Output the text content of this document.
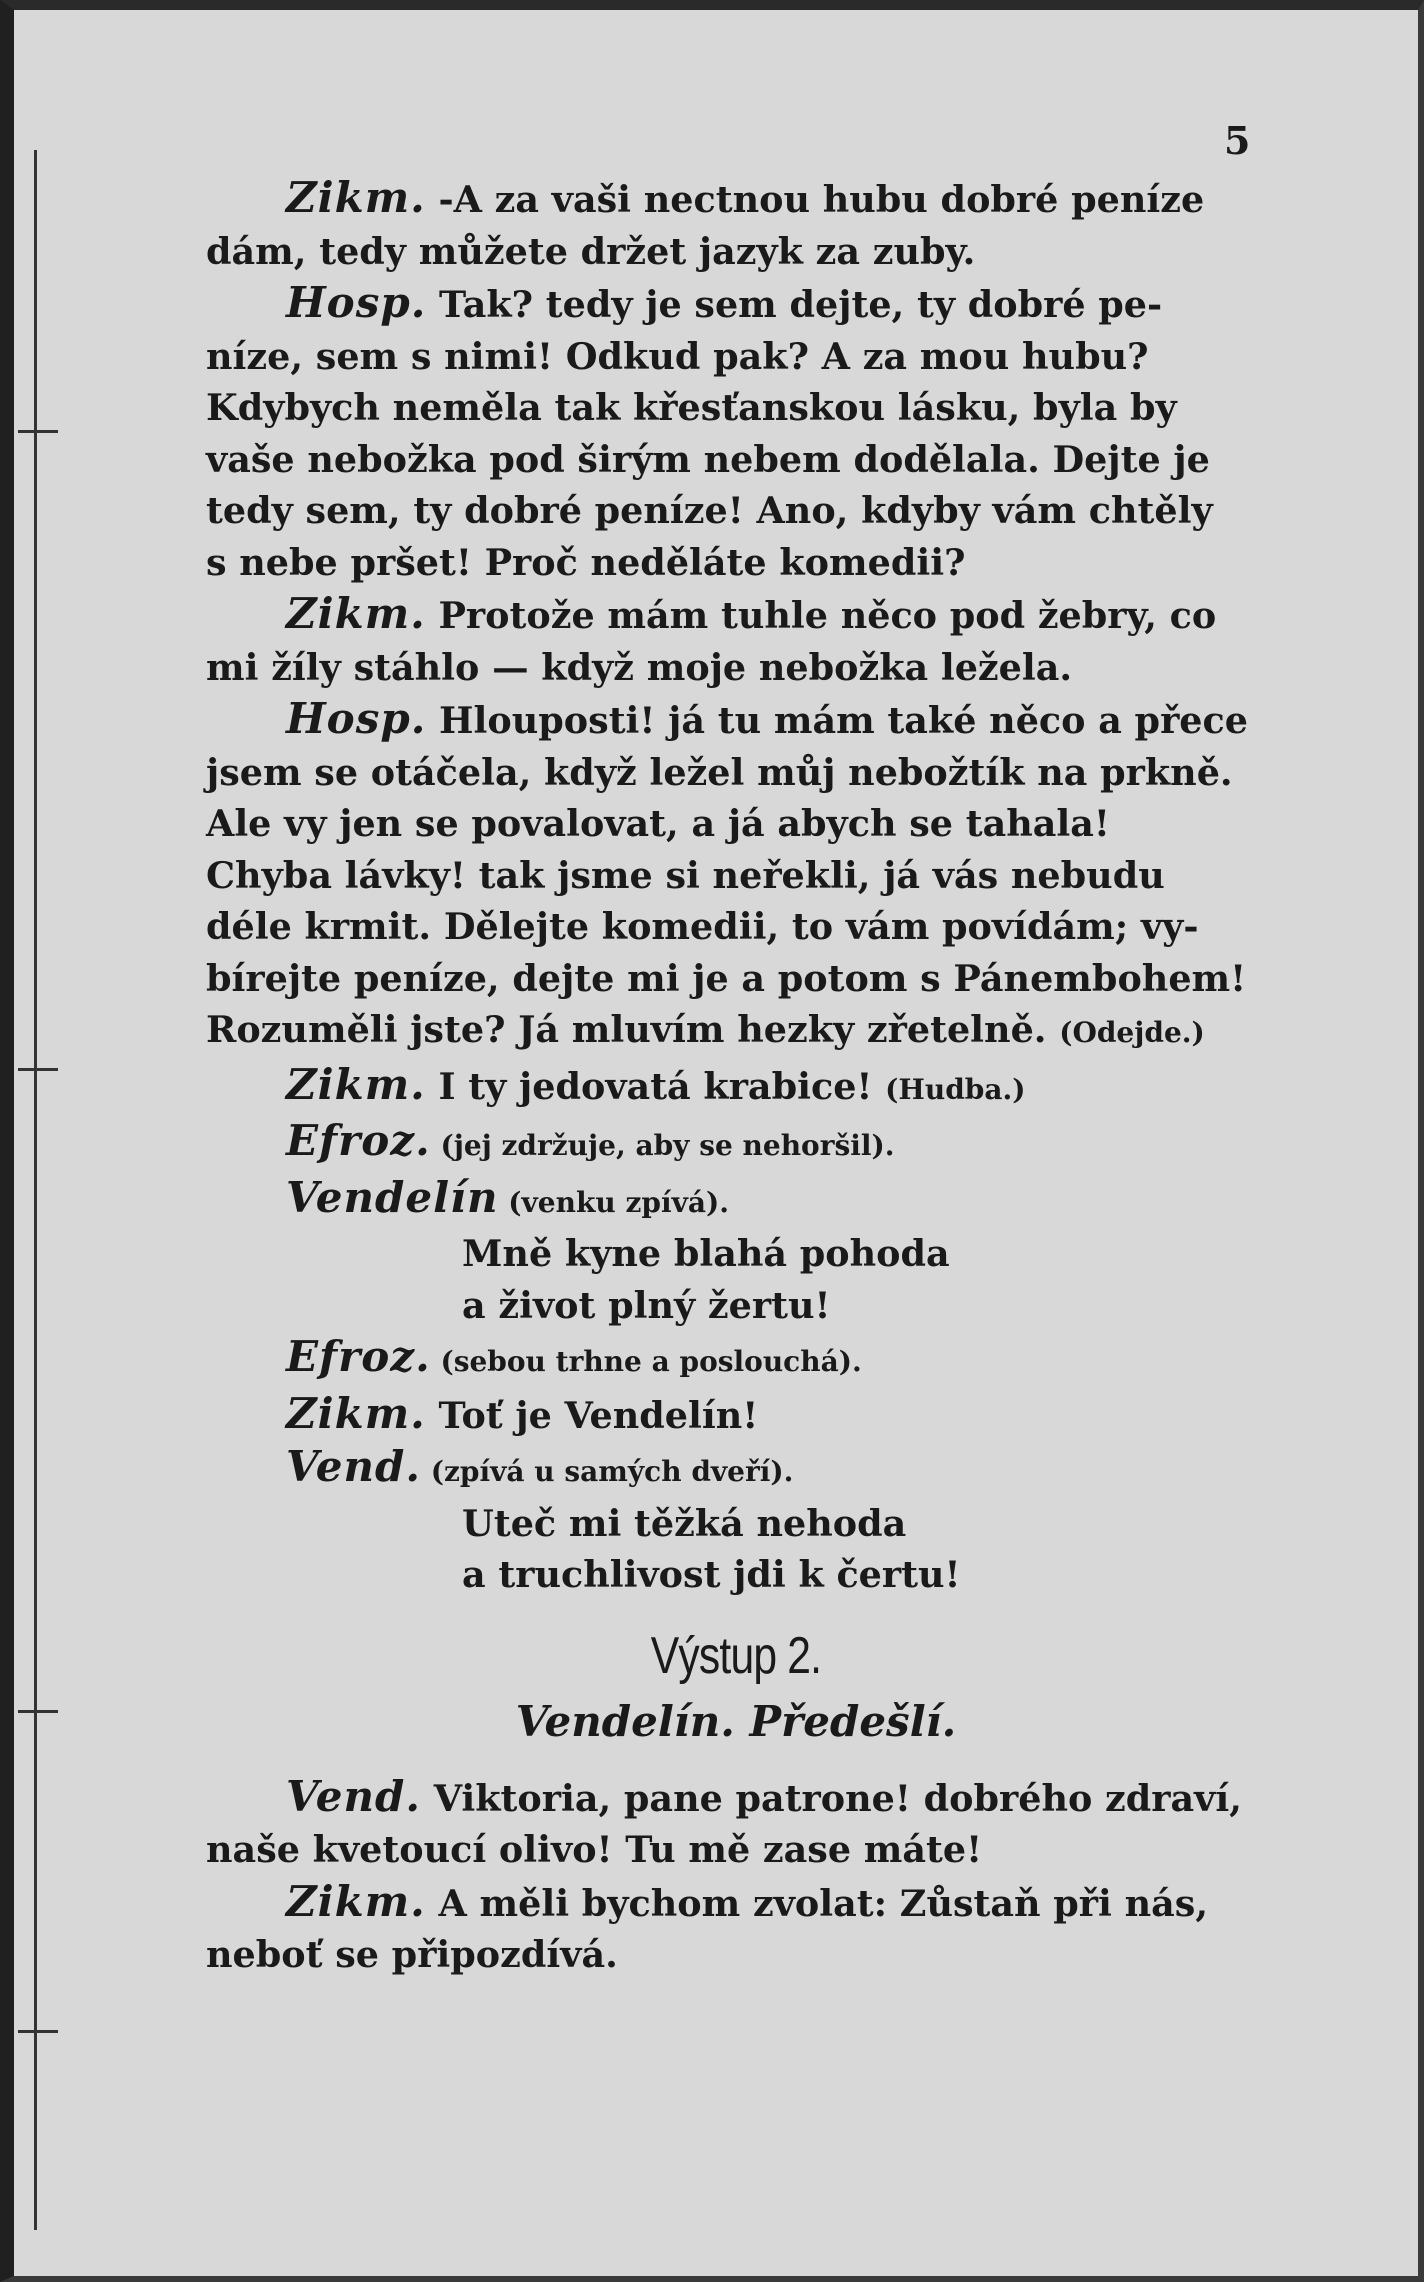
5
Zikm. -A za vaši nectnou hubu dobré peníze
dám, tedy můžete držet jazyk za zuby.
Hosp. Tak? tedy je sem dejte, ty dobré pe-
níze, sem s nimi! Odkud pak? A za mou hubu?
Kdybych neměla tak křesťanskou lásku, byla by
vaše nebožka pod širým nebem dodělala. Dejte je
tedy sem, ty dobré peníze! Ano, kdyby vám chtěly
s nebe pršet! Proč neděláte komedii?
Zikm. Protože mám tuhle něco pod žebry, co
mi žíly stáhlo — když moje nebožka ležela.
Hosp. Hlouposti! já tu mám také něco a přece
jsem se otáčela, když ležel můj nebožtík na prkně.
Ale vy jen se povalovat, a já abych se tahala!
Chyba lávky! tak jsme si neřekli, já vás nebudu
déle krmit. Dělejte komedii, to vám povídám; vy-
bírejte peníze, dejte mi je a potom s Pánembohem!
Rozuměli jste? Já mluvím hezky zřetelně. (Odejde.)
Zikm. I ty jedovatá krabice! (Hudba.)
Efroz. (jej zdržuje, aby se nehoršil).
Vendelín (venku zpívá).
Mně kyne blahá pohoda
a život plný žertu!
Efroz. (sebou trhne a poslouchá).
Zikm. Toť je Vendelín!
Vend. (zpívá u samých dveří).
Uteč mi těžká nehoda
a truchlivost jdi k čertu!
Výstup 2.
Vendelín. Předešlí.
Vend. Viktoria, pane patrone! dobrého zdraví,
naše kvetoucí olivo! Tu mě zase máte!
Zikm. A měli bychom zvolat: Zůstaň při nás,
neboť se připozdívá.
